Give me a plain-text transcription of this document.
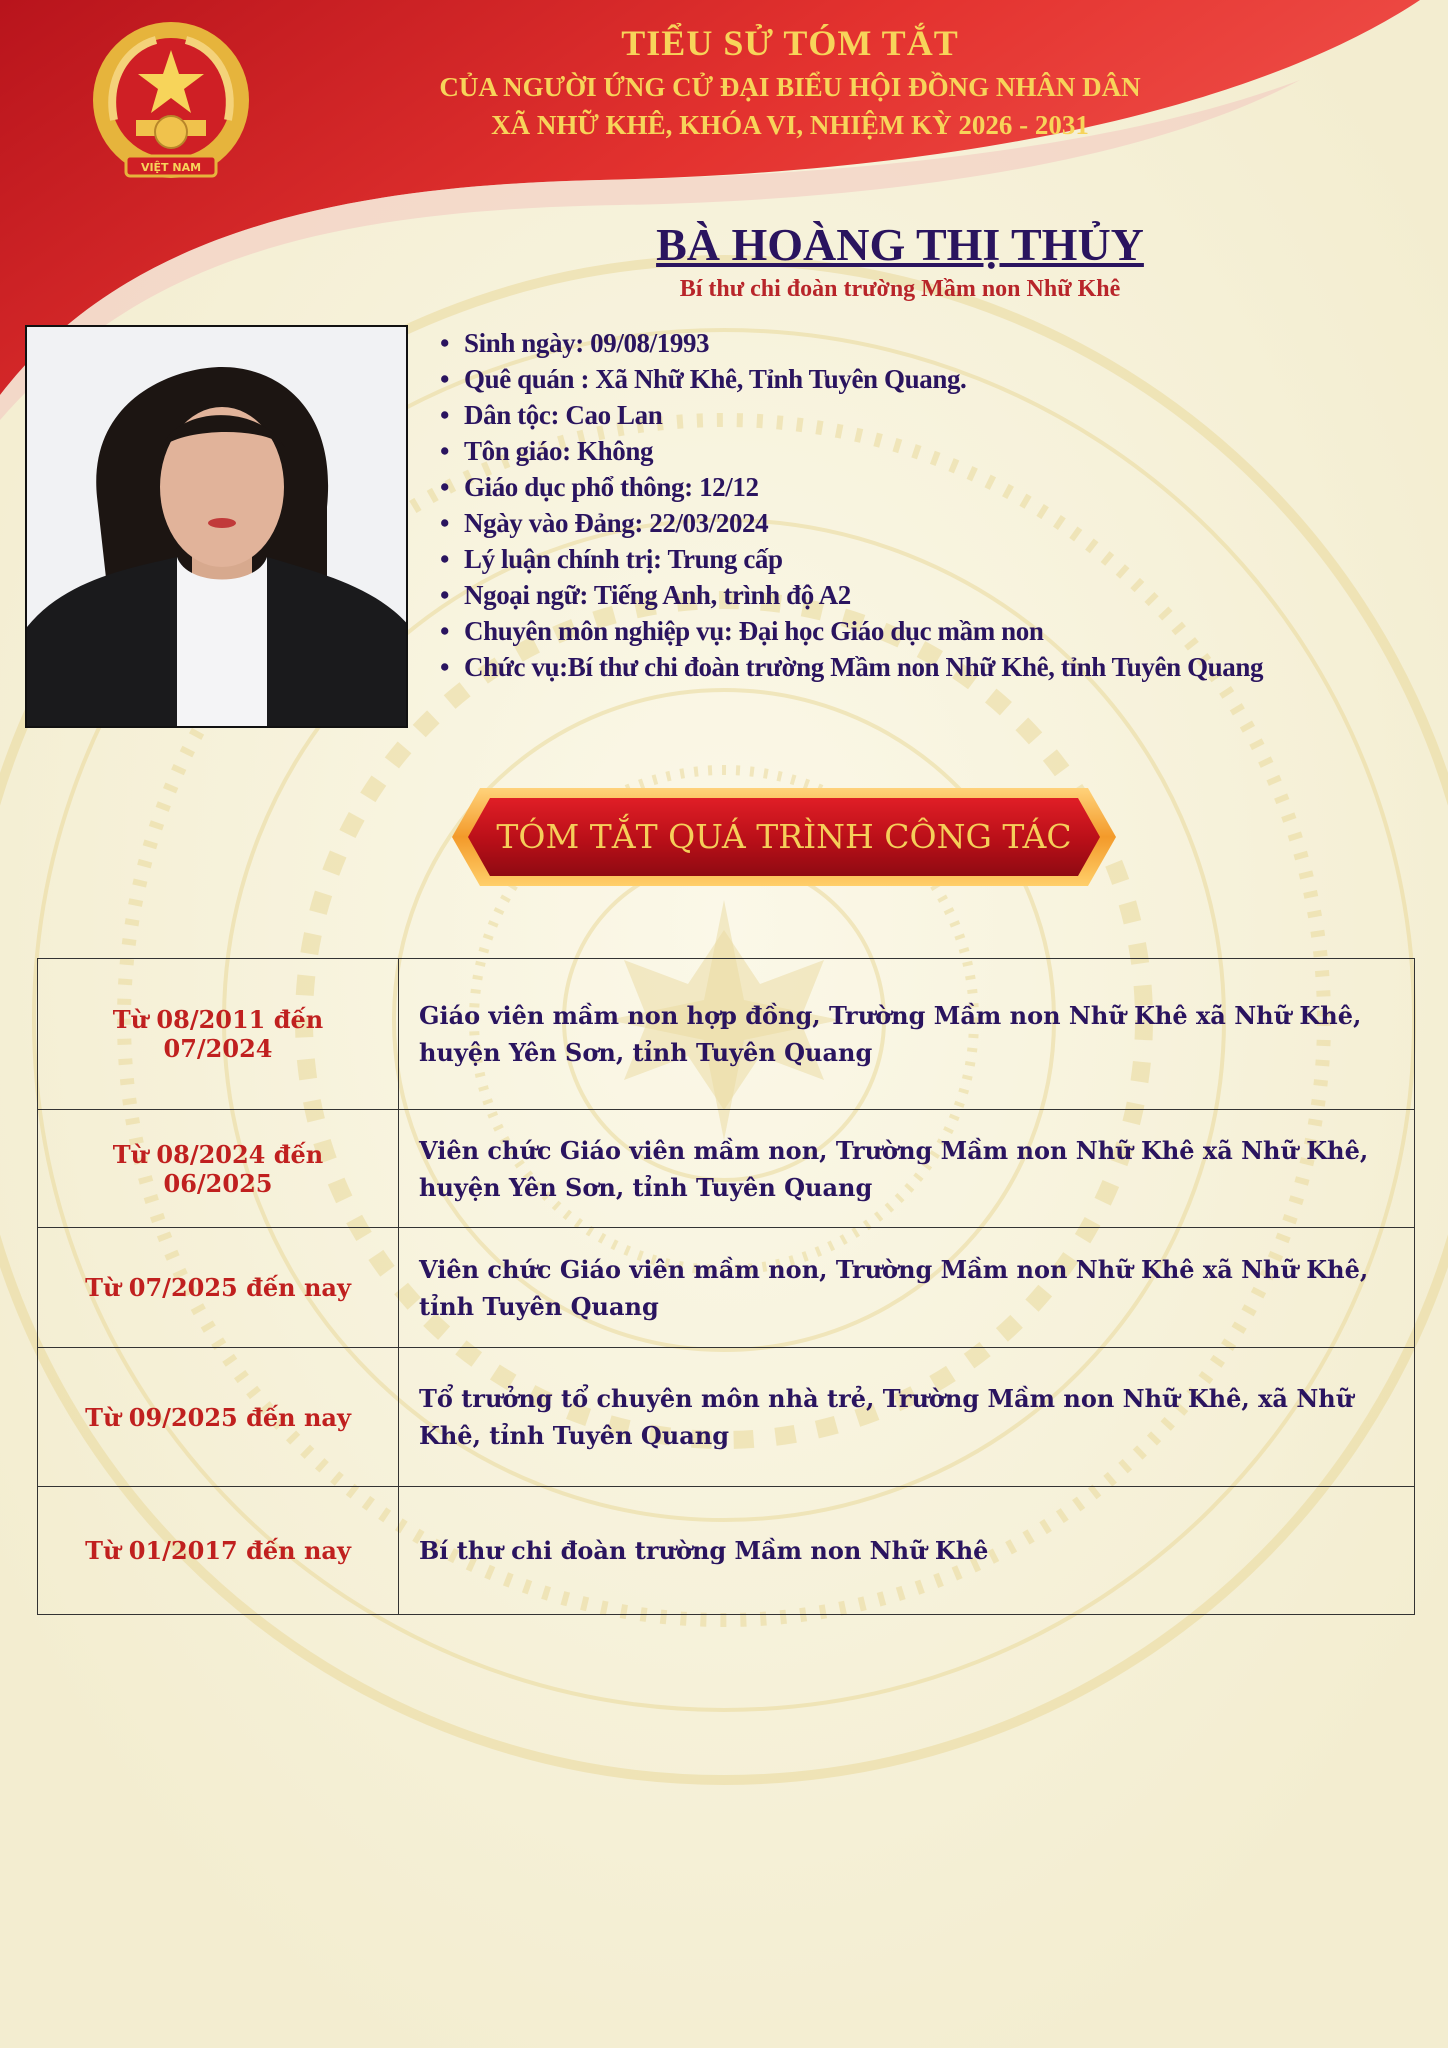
VIỆT NAM
TIỂU SỬ TÓM TẮT
CỦA NGƯỜI ỨNG CỬ ĐẠI BIỂU HỘI ĐỒNG NHÂN DÂN
XÃ NHỮ KHÊ, KHÓA VI, NHIỆM KỲ 2026 - 2031
BÀ HOÀNG THỊ THỦY
Bí thư chi đoàn trường Mầm non Nhữ Khê
• Sinh ngày: 09/08/1993
• Quê quán : Xã Nhữ Khê, Tỉnh Tuyên Quang.
• Dân tộc: Cao Lan
• Tôn giáo: Không
• Giáo dục phổ thông: 12/12
• Ngày vào Đảng: 22/03/2024
• Lý luận chính trị: Trung cấp
• Ngoại ngữ: Tiếng Anh, trình độ A2
• Chuyên môn nghiệp vụ: Đại học Giáo dục mầm non
• Chức vụ:Bí thư chi đoàn trường Mầm non Nhữ Khê, tỉnh Tuyên Quang
TÓM TẮT QUÁ TRÌNH CÔNG TÁC
Từ 08/2011 đến 07/2024	Giáo viên mầm non hợp đồng, Trường Mầm non Nhữ Khê xã Nhữ Khê, huyện Yên Sơn, tỉnh Tuyên Quang
Từ 08/2024 đến 06/2025	Viên chức Giáo viên mầm non, Trường Mầm non Nhữ Khê xã Nhữ Khê, huyện Yên Sơn, tỉnh Tuyên Quang
Từ 07/2025 đến nay	Viên chức Giáo viên mầm non, Trường Mầm non Nhữ Khê xã Nhữ Khê, tỉnh Tuyên Quang
Từ 09/2025 đến nay	Tổ trưởng tổ chuyên môn nhà trẻ, Trường Mầm non Nhữ Khê, xã Nhữ Khê, tỉnh Tuyên Quang
Từ 01/2017 đến nay	Bí thư chi đoàn trường Mầm non Nhữ Khê
